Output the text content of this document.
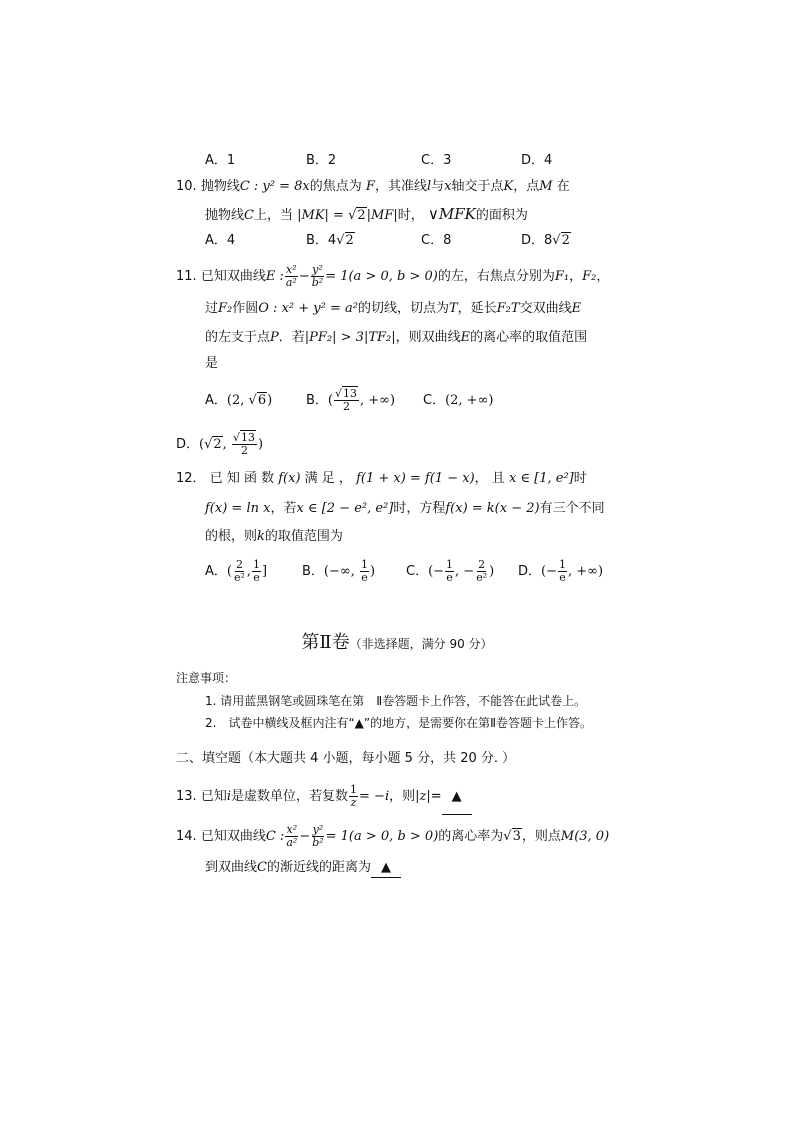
A．1	B．2	C．3	D．4
10. 抛物线C : y² = 8x的焦点为 F，其准线l与x轴交于点K，点M 在
抛物线C上，当 |MK| = √2|MF|时， ∨MFK的面积为
A．4	B．4√2	C．8	D．8√2
11. 已知双曲线E : $\frac{\text{x²}}{\text{a²}} - \frac{\text{y²}}{\text{b²}} = 1(a > 0$, b > 0)的左，右焦点分别为F₁，F₂，
过F₂作圆O : x² + y² = a²的切线，切点为T，延长F₂T交双曲线E
的左支于点P．若|PF₂| > 3|TF₂|，则双曲线E的离心率的取值范围
是
A．(2, √6)	B．( $\frac{√13}{2}$ , +∞) C．(2, +∞)
D．(√2, $\frac{√13}{2}$ )
12． 已 知 函 数 f(x) 满 足 ， f(1 + x) = f(1 − x)， 且 x ∈ [1, e²]时
f(x) = ln x，若x ∈ [2 − e², e²]时，方程f(x) = k(x − 2)有三个不同
的根，则k的取值范围为
A．( $\frac{2}{\text{e²}}$ , $\frac{1}{e}$ ]	B．(−∞, $\frac{1}{e}$ ) C．(− $\frac{1}{e}$ , − $\frac{2}{\text{e²}}$ ) D．(− $\frac{1}{e}$ , +∞)
第Ⅱ卷（非选择题，满分 90 分）
注意事项：
1. 请用蓝黑钢笔或圆珠笔在第　Ⅱ卷答题卡上作答，不能答在此试卷上。
2.　试卷中横线及框内注有“▲”的地方，是需要你在第Ⅱ卷答题卡上作答。
二、填空题（本大题共 4 小题，每小题 5 分，共 20 分. ）
13. 已知i是虚数单位，若复数 $\frac{1}{z} = -i$，则|z|= ▲
14. 已知双曲线C : $\frac{\text{x²}}{\text{a²}} - \frac{\text{y²}}{\text{b²}} = 1(a > 0$, b > 0)的离心率为√3，则点M(3, 0)
到双曲线C的渐近线的距离为 ▲
